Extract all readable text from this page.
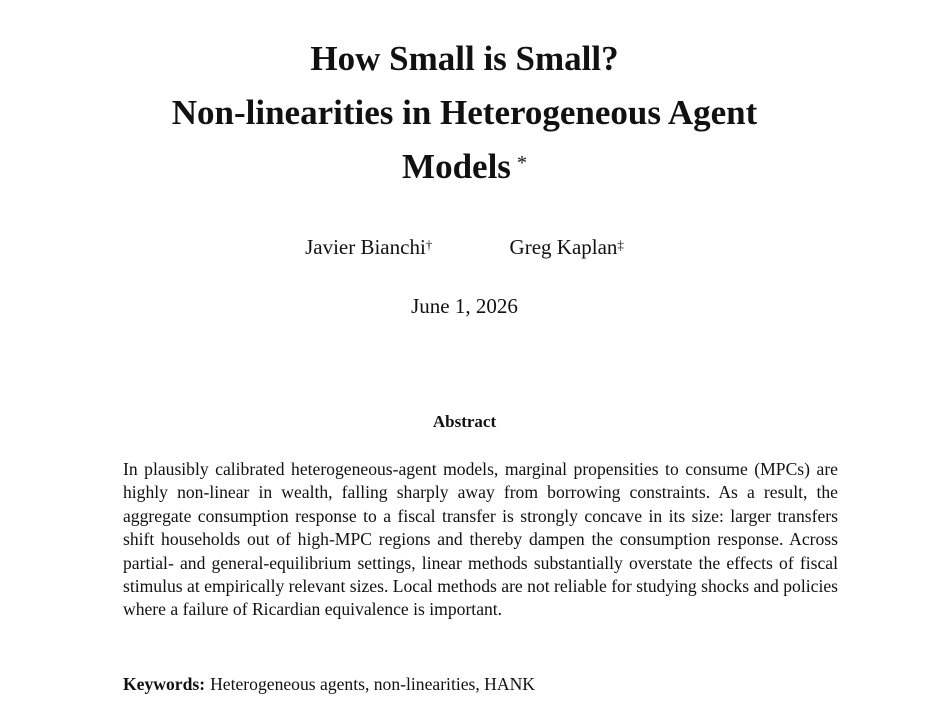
How Small is Small?
Non-linearities in Heterogeneous Agent
Models *
Javier Bianchi†	Greg Kaplan‡
June 1, 2026
Abstract

In plausibly calibrated heterogeneous-agent models, marginal propensities to consume (MPCs) are highly non-linear in wealth, falling sharply away from borrowing constraints. As a result, the aggregate consumption response to a fiscal transfer is strongly concave in its size: larger transfers shift households out of high-MPC regions and thereby dampen the consumption response. Across partial- and general-equilibrium settings, linear methods substantially overstate the effects of fiscal stimulus at empirically relevant sizes. Local methods are not reliable for studying shocks and policies where a failure of Ricardian equivalence is important.

Keywords: Heterogeneous agents, non-linearities, HANK
